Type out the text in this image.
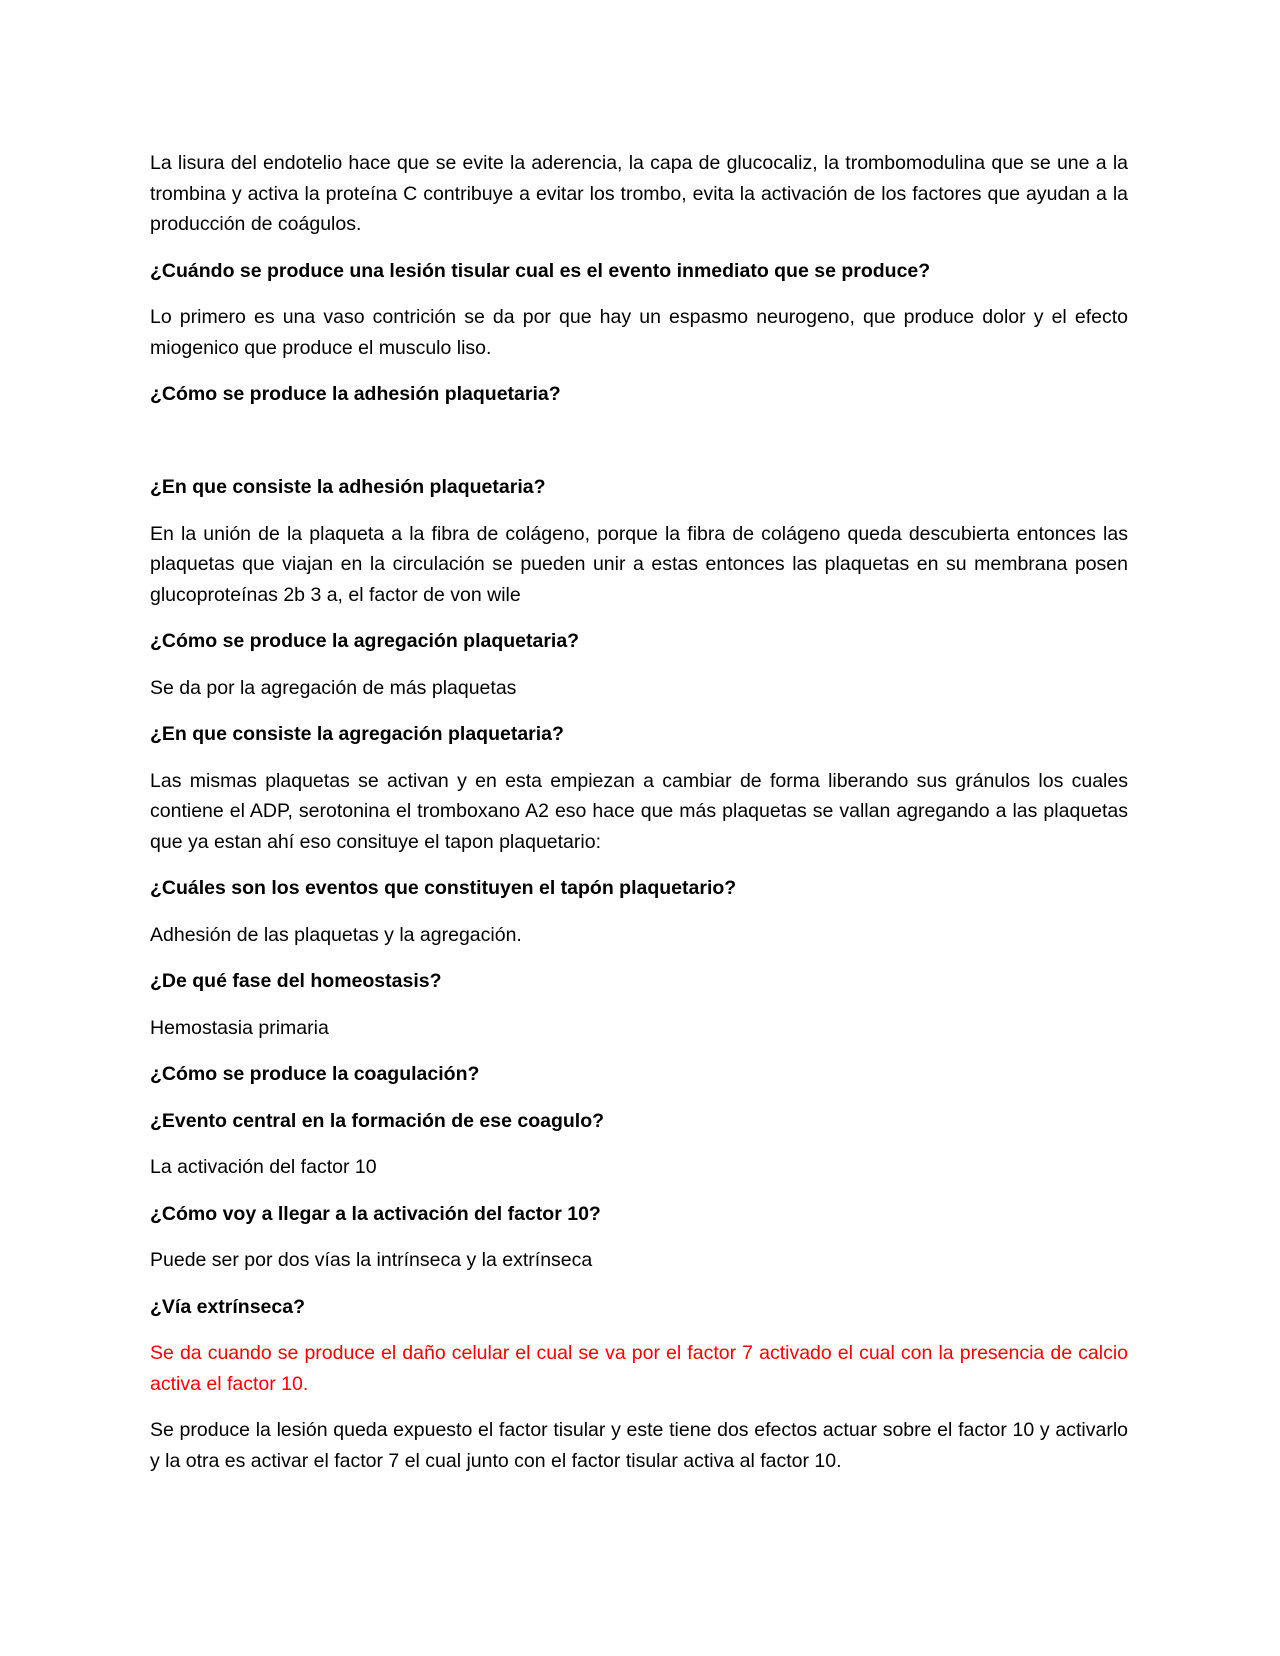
La lisura del endotelio hace que se evite la aderencia, la capa de glucocaliz, la trombomodulina que se une a la trombina y activa la proteína C contribuye a evitar los trombo, evita la activación de los factores que ayudan a la producción de coágulos.

¿Cuándo se produce una lesión tisular cual es el evento inmediato que se produce?

Lo primero es una vaso contrición se da por que hay un espasmo neurogeno, que produce dolor y el efecto miogenico que produce el musculo liso.

¿Cómo se produce la adhesión plaquetaria?

¿En que consiste la adhesión plaquetaria?

En la unión de la plaqueta a la fibra de colágeno, porque la fibra de colágeno queda descubierta entonces las plaquetas que viajan en la circulación se pueden unir a estas entonces las plaquetas en su membrana posen glucoproteínas 2b 3 a, el factor de von wile

¿Cómo se produce la agregación plaquetaria?

Se da por la agregación de más plaquetas

¿En que consiste la agregación plaquetaria?

Las mismas plaquetas se activan y en esta empiezan a cambiar de forma liberando sus gránulos los cuales contiene el ADP, serotonina el tromboxano A2 eso hace que más plaquetas se vallan agregando a las plaquetas que ya estan ahí eso consituye el tapon plaquetario:

¿Cuáles son los eventos que constituyen el tapón plaquetario?

Adhesión de las plaquetas y la agregación.

¿De qué fase del homeostasis?

Hemostasia primaria

¿Cómo se produce la coagulación?

¿Evento central en la formación de ese coagulo?

La activación del factor 10

¿Cómo voy a llegar a la activación del factor 10?

Puede ser por dos vías la intrínseca y la extrínseca

¿Vía extrínseca?

Se da cuando se produce el daño celular el cual se va por el factor 7 activado el cual con la presencia de calcio activa el factor 10.

Se produce la lesión queda expuesto el factor tisular y este tiene dos efectos actuar sobre el factor 10 y activarlo y la otra es activar el factor 7 el cual junto con el factor tisular activa al factor 10.
